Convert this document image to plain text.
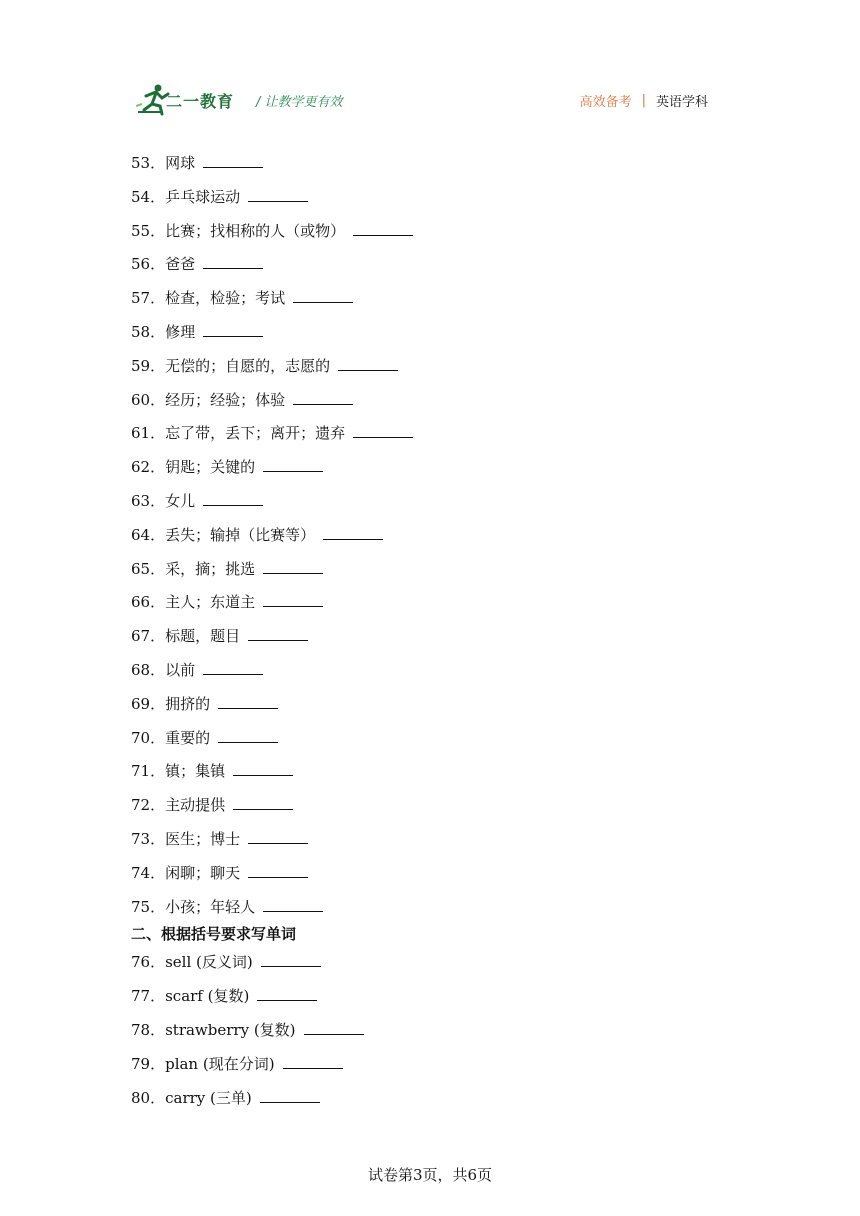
二一教育 / 让教学更有效	高效备考 | 英语学科
53．网球
54．乒乓球运动
55．比赛；找相称的人（或物）
56．爸爸
57．检查，检验；考试
58．修理
59．无偿的；自愿的，志愿的
60．经历；经验；体验
61．忘了带，丢下；离开；遗弃
62．钥匙；关键的
63．女儿
64．丢失；输掉（比赛等）
65．采，摘；挑选
66．主人；东道主
67．标题，题目
68．以前
69．拥挤的
70．重要的
71．镇；集镇
72．主动提供
73．医生；博士
74．闲聊；聊天
75．小孩；年轻人
二、根据括号要求写单词
76．sell (反义词)
77．scarf (复数)
78．strawberry (复数)
79．plan (现在分词)
80．carry (三单)
试卷第3页，共6页
